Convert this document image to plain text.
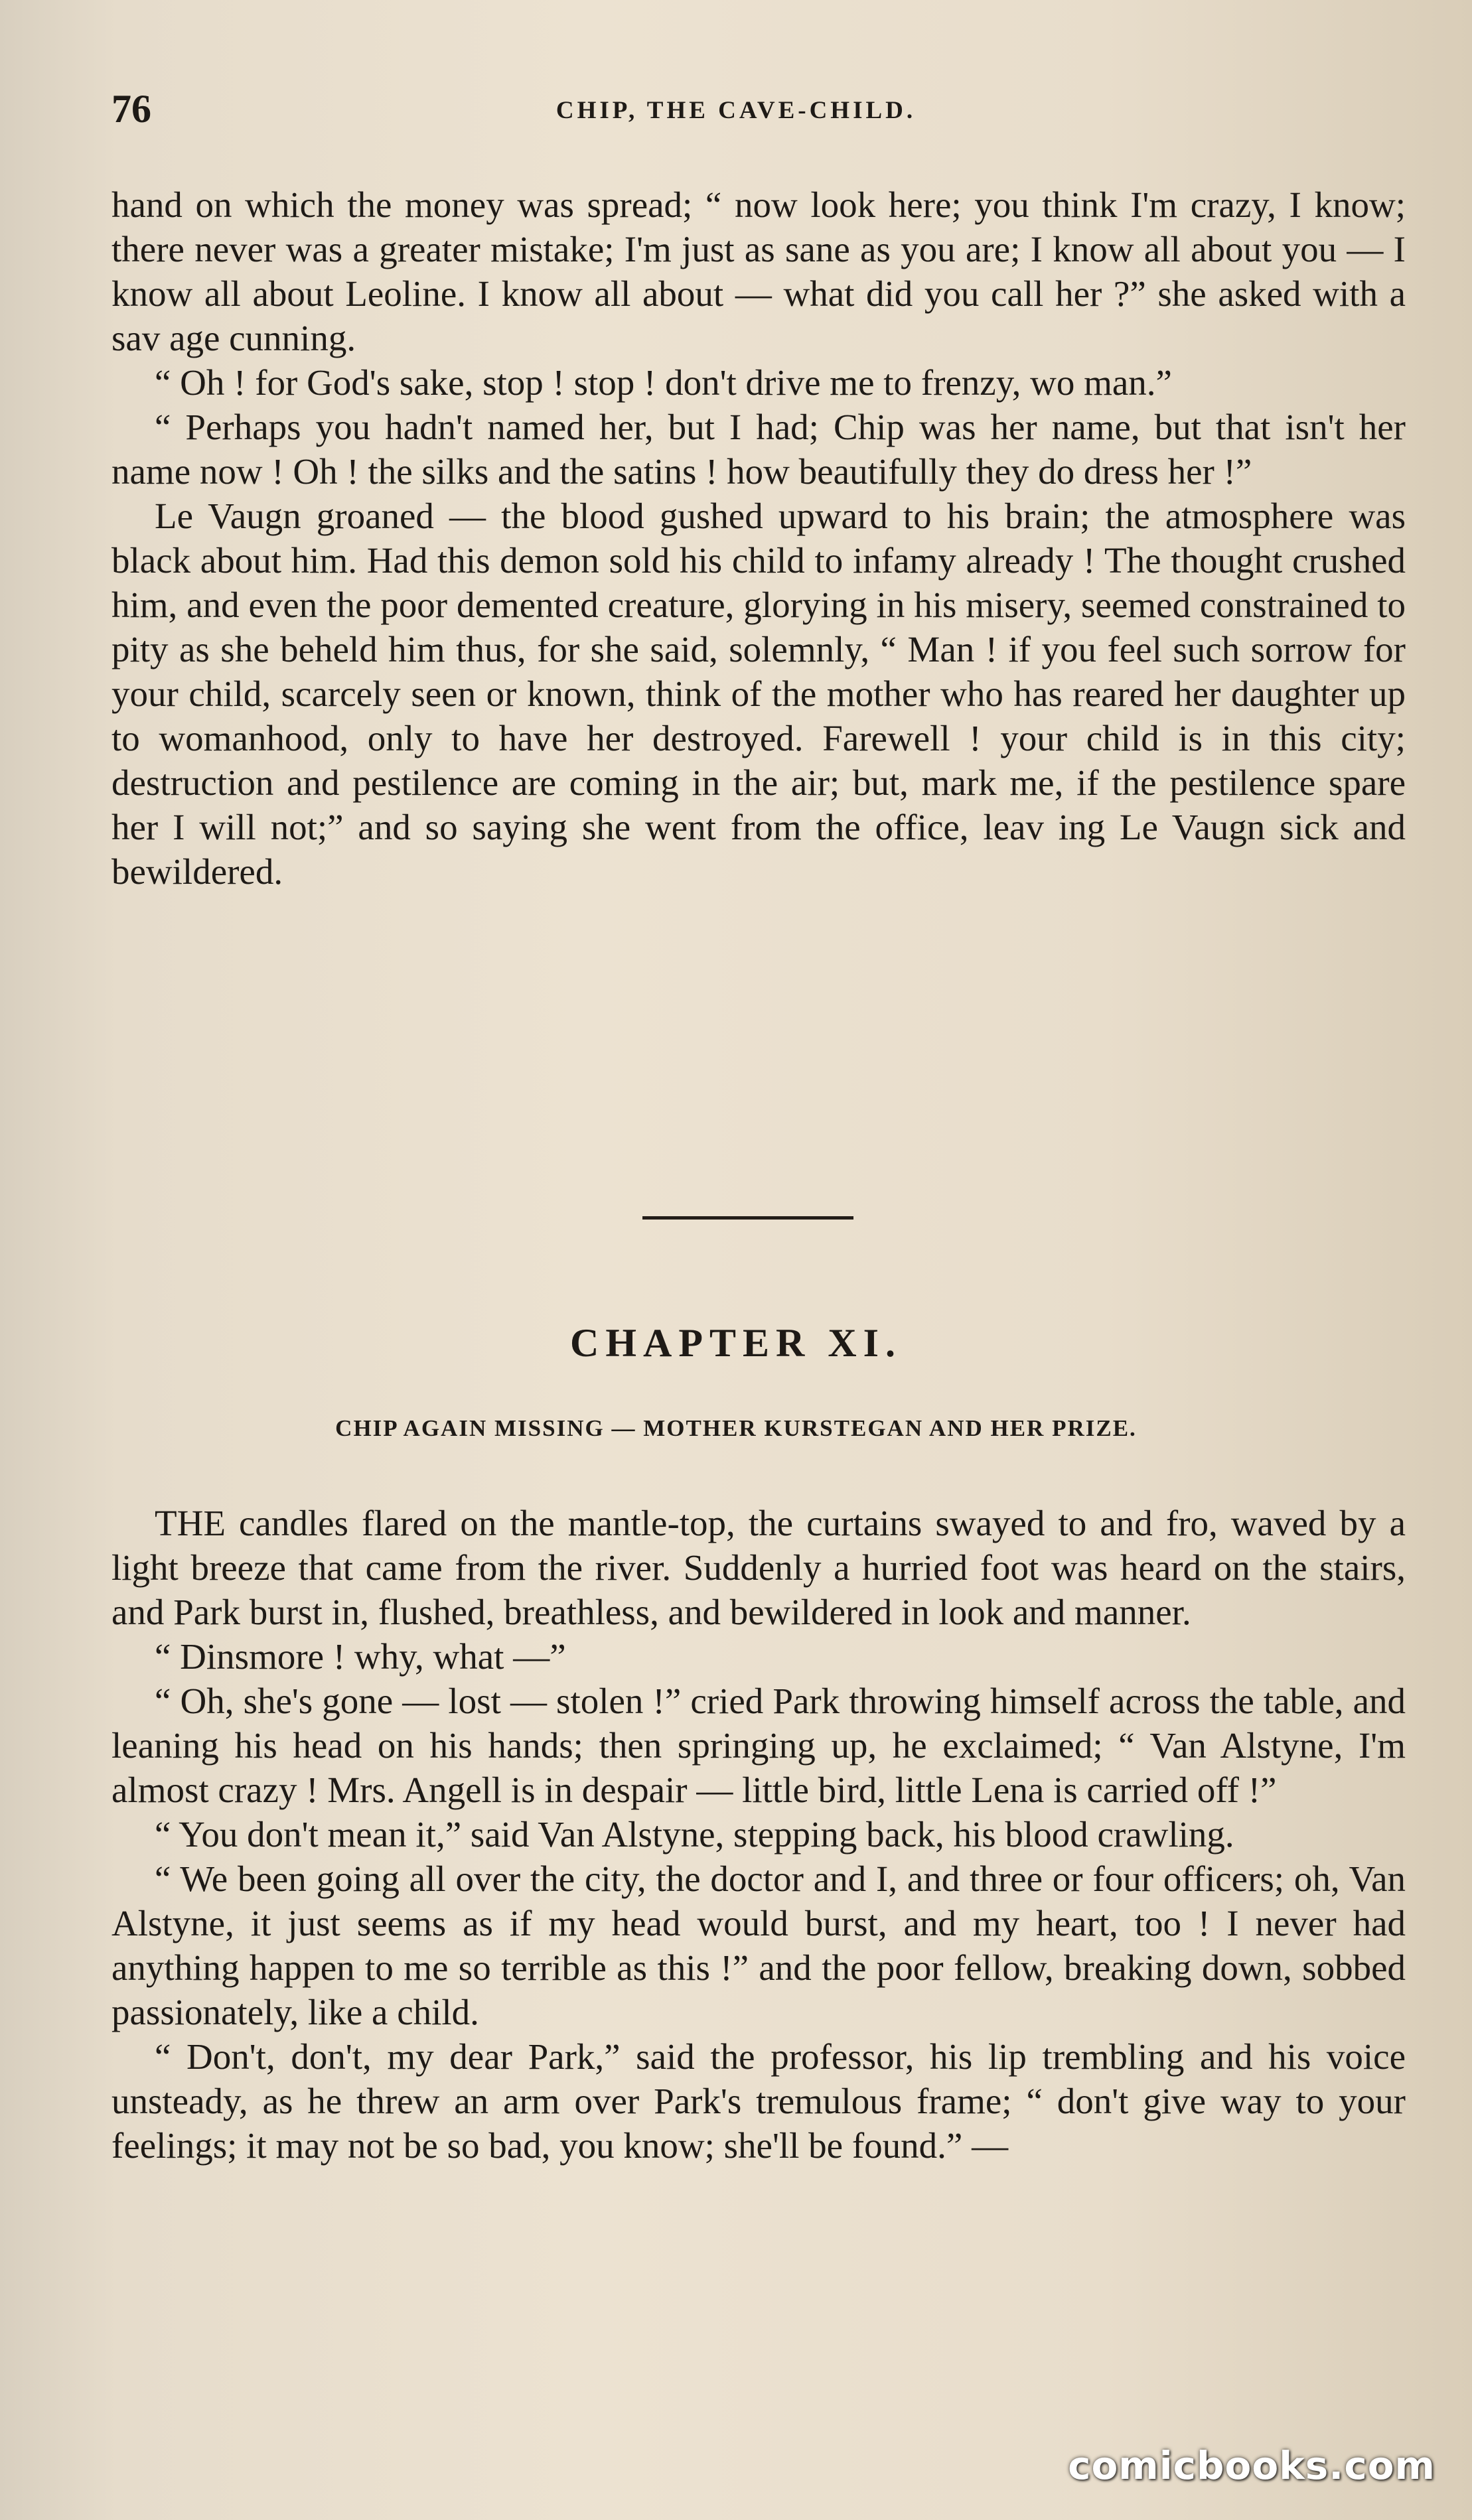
76	CHIP, THE CAVE-CHILD.

hand on which the money was spread; “ now look here; you think I'm crazy, I know; there never was a greater mistake; I'm just as sane as you are; I know all about you — I know all about Leoline. I know all about — what did you call her ?” she asked with a sav age cunning.

“ Oh ! for God's sake, stop ! stop ! don't drive me to frenzy, wo man.”

“ Perhaps you hadn't named her, but I had; Chip was her name, but that isn't her name now ! Oh ! the silks and the satins ! how beautifully they do dress her !”

Le Vaugn groaned — the blood gushed upward to his brain; the atmosphere was black about him. Had this demon sold his child to infamy already ! The thought crushed him, and even the poor demented creature, glorying in his misery, seemed constrained to pity as she beheld him thus, for she said, solemnly, “ Man ! if you feel such sorrow for your child, scarcely seen or known, think of the mother who has reared her daughter up to womanhood, only to have her destroyed. Farewell ! your child is in this city; destruction and pestilence are coming in the air; but, mark me, if the pestilence spare her I will not;” and so saying she went from the office, leav ing Le Vaugn sick and bewildered.

CHAPTER XI.
CHIP AGAIN MISSING — MOTHER KURSTEGAN AND HER PRIZE.

THE candles flared on the mantle-top, the curtains swayed to and fro, waved by a light breeze that came from the river. Suddenly a hurried foot was heard on the stairs, and Park burst in, flushed, breathless, and bewildered in look and manner.

“ Dinsmore ! why, what —”

“ Oh, she's gone — lost — stolen !” cried Park throwing himself across the table, and leaning his head on his hands; then springing up, he exclaimed; “ Van Alstyne, I'm almost crazy ! Mrs. Angell is in despair — little bird, little Lena is carried off !”

“ You don't mean it,” said Van Alstyne, stepping back, his blood crawling.

“ We been going all over the city, the doctor and I, and three or four officers; oh, Van Alstyne, it just seems as if my head would burst, and my heart, too ! I never had anything happen to me so terrible as this !” and the poor fellow, breaking down, sobbed passionately, like a child.

“ Don't, don't, my dear Park,” said the professor, his lip trembling and his voice unsteady, as he threw an arm over Park's tremulous frame; “ don't give way to your feelings; it may not be so bad, you know; she'll be found.” —

comicbooks.com
